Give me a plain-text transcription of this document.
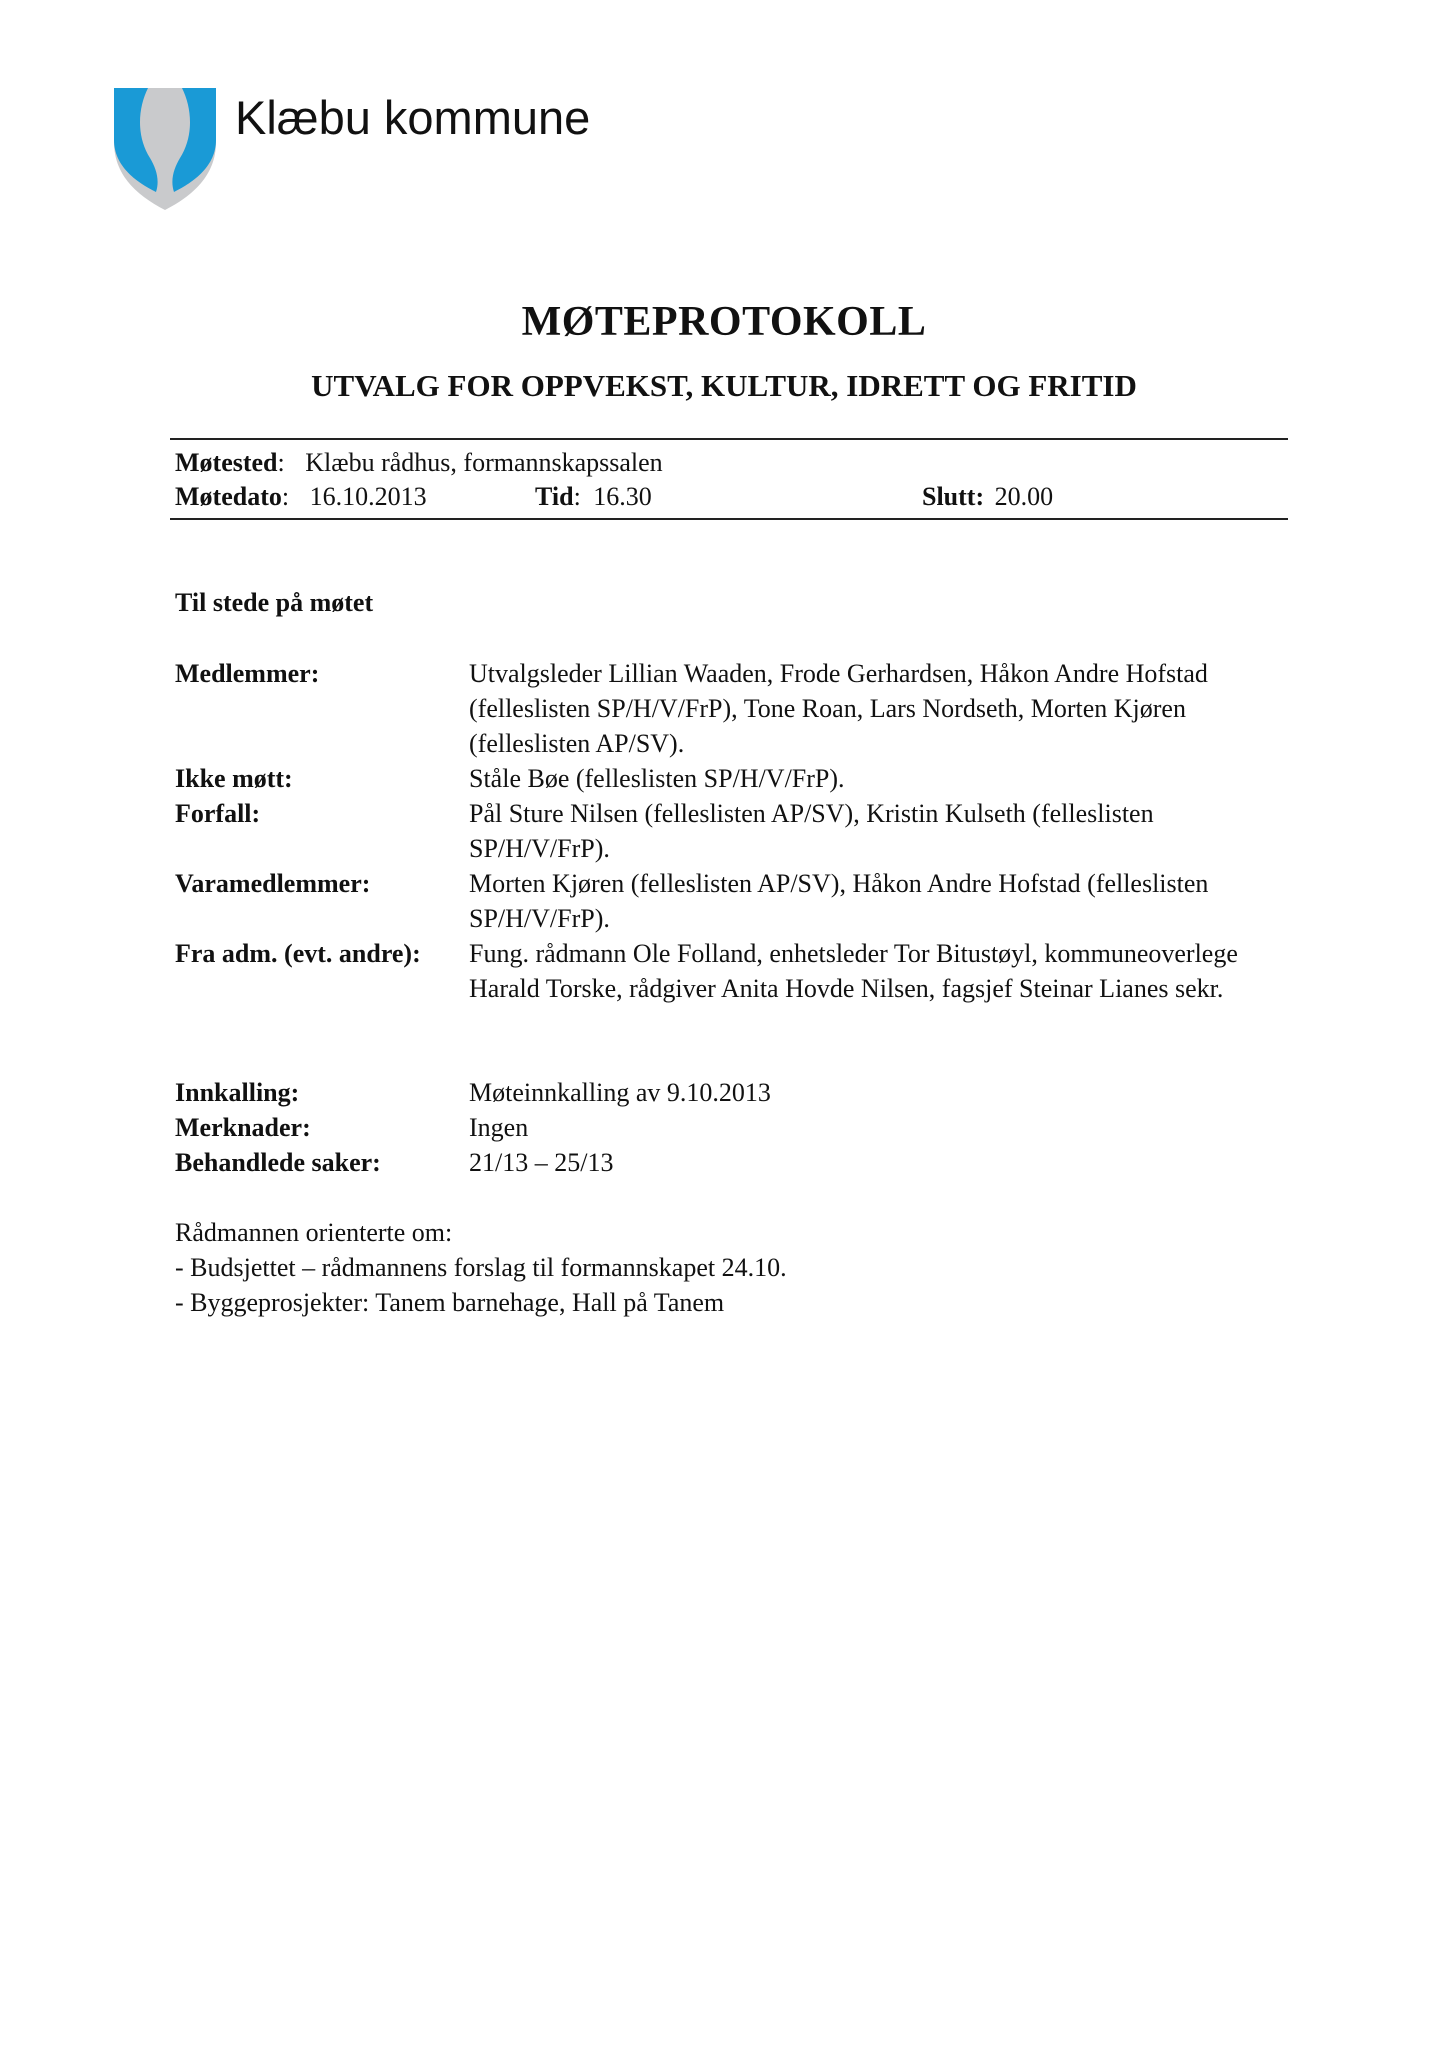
Klæbu kommune
MØTEPROTOKOLL
UTVALG FOR OPPVEKST, KULTUR, IDRETT OG FRITID
Møtested: Klæbu rådhus, formannskapssalen
Møtedato: 16.10.2013	Tid: 16.30	Slutt: 20.00
Til stede på møtet
Medlemmer:	Utvalgsleder Lillian Waaden, Frode Gerhardsen, Håkon Andre Hofstad (felleslisten SP/H/V/FrP), Tone Roan, Lars Nordseth, Morten Kjøren (felleslisten AP/SV).
Ikke møtt:	Ståle Bøe (felleslisten SP/H/V/FrP).
Forfall:	Pål Sture Nilsen (felleslisten AP/SV), Kristin Kulseth (felleslisten SP/H/V/FrP).
Varamedlemmer:	Morten Kjøren (felleslisten AP/SV), Håkon Andre Hofstad (felleslisten SP/H/V/FrP).
Fra adm. (evt. andre):	Fung. rådmann Ole Folland, enhetsleder Tor Bitustøyl, kommuneoverlege Harald Torske, rådgiver Anita Hovde Nilsen, fagsjef Steinar Lianes sekr.
Innkalling:	Møteinnkalling av 9.10.2013
Merknader:	Ingen
Behandlede saker:	21/13 – 25/13
Rådmannen orienterte om:
- Budsjettet – rådmannens forslag til formannskapet 24.10.
- Byggeprosjekter: Tanem barnehage, Hall på Tanem
